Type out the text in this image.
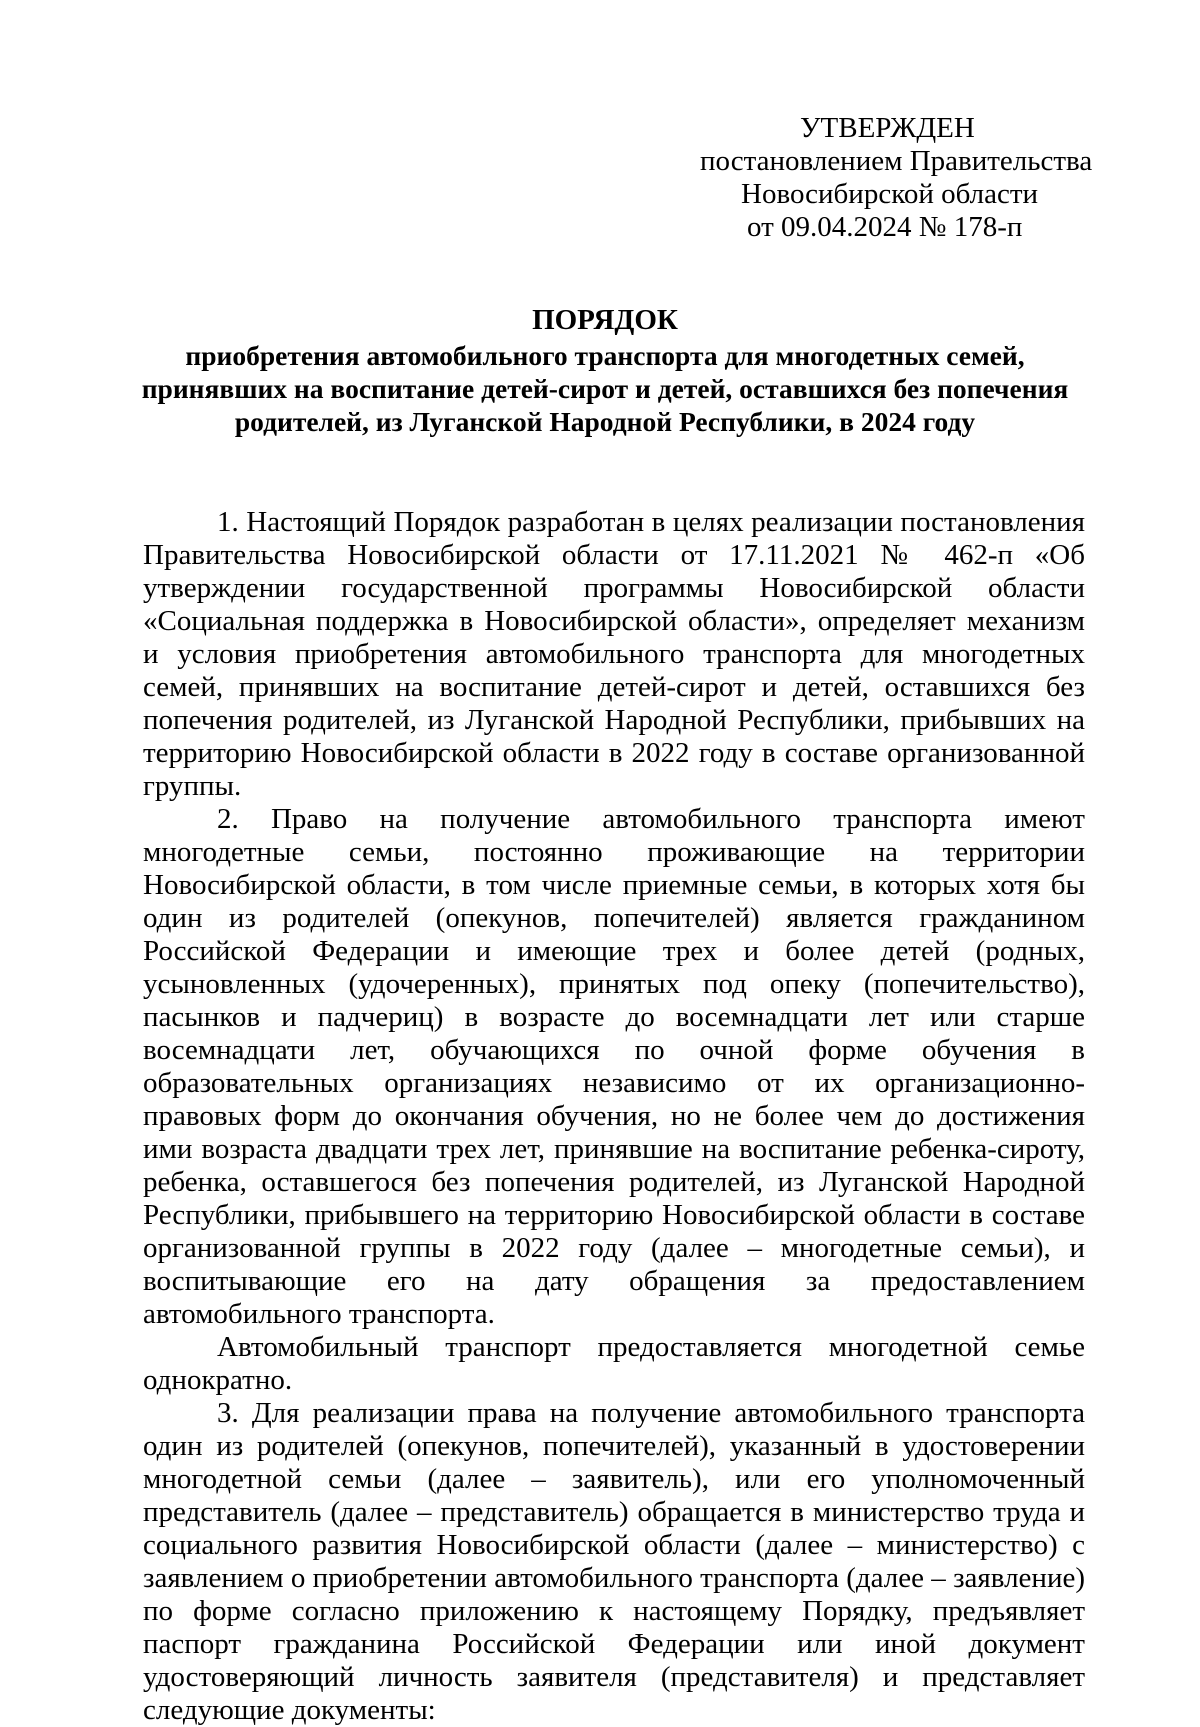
УТВЕРЖДЕН
постановлением Правительства
Новосибирской области
от 09.04.2024 № 178-п
ПОРЯДОК
приобретения автомобильного транспорта для многодетных семей,
принявших на воспитание детей-сирот и детей, оставшихся без попечения
родителей, из Луганской Народной Республики, в 2024 году

1. Настоящий Порядок разработан в целях реализации постановления Правительства Новосибирской области от 17.11.2021 № 462-п «Об утверждении государственной программы Новосибирской области «Социальная поддержка в Новосибирской области», определяет механизм и условия приобретения автомобильного транспорта для многодетных семей, принявших на воспитание детей-сирот и детей, оставшихся без попечения родителей, из Луганской Народной Республики, прибывших на территорию Новосибирской области в 2022 году в составе организованной группы.

2. Право на получение автомобильного транспорта имеют многодетные семьи, постоянно проживающие на территории Новосибирской области, в том числе приемные семьи, в которых хотя бы один из родителей (опекунов, попечителей) является гражданином Российской Федерации и имеющие трех и более детей (родных, усыновленных (удочеренных), принятых под опеку (попечительство), пасынков и падчериц) в возрасте до восемнадцати лет или старше восемнадцати лет, обучающихся по очной форме обучения в образовательных организациях независимо от их организационно-правовых форм до окончания обучения, но не более чем до достижения ими возраста двадцати трех лет, принявшие на воспитание ребенка-сироту, ребенка, оставшегося без попечения родителей, из Луганской Народной Республики, прибывшего на территорию Новосибирской области в составе организованной группы в 2022 году (далее – многодетные семьи), и воспитывающие его на дату обращения за предоставлением автомобильного транспорта.

Автомобильный транспорт предоставляется многодетной семье однократно.

3. Для реализации права на получение автомобильного транспорта один из родителей (опекунов, попечителей), указанный в удостоверении многодетной семьи (далее – заявитель), или его уполномоченный представитель (далее – представитель) обращается в министерство труда и социального развития Новосибирской области (далее – министерство) с заявлением о приобретении автомобильного транспорта (далее – заявление) по форме согласно приложению к настоящему Порядку, предъявляет паспорт гражданина Российской Федерации или иной документ удостоверяющий личность заявителя (представителя) и представляет следующие документы:
